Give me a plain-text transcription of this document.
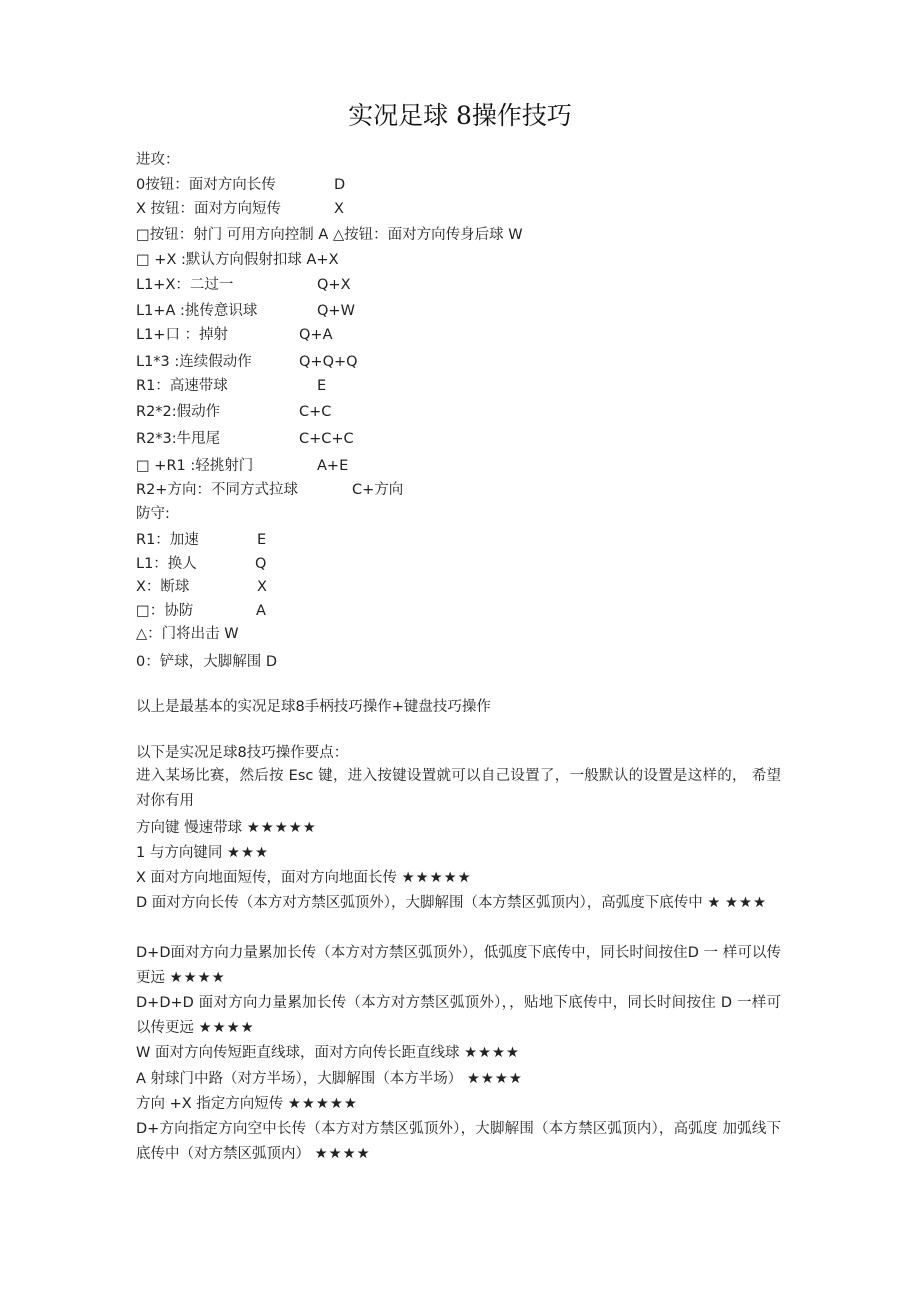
实况足球 8操作技巧
进攻：
0按钮：面对方向长传	D
X 按钮：面对方向短传	X
□按钮：射门 可用方向控制 A △按钮：面对方向传身后球 W
□ +X :默认方向假射扣球 A+X
L1+X：二过一	Q+X
L1+A :挑传意识球	Q+W
L1+口 ：掉射	Q+A
L1*3 :连续假动作	Q+Q+Q
R1：高速带球	E
R2*2:假动作	C+C
R2*3:牛甩尾	C+C+C
□ +R1 :轻挑射门	A+E
R2+方向：不同方式拉球	C+方向
防守:
R1：加速	E
L1：换人	Q
X：断球	X
□：协防	A
△：门将出击 W
0：铲球，大脚解围 D
以上是最基本的实况足球8手柄技巧操作+键盘技巧操作
以下是实况足球8技巧操作要点：
进入某场比赛，然后按 Esc 键，进入按键设置就可以自己设置了，一般默认的设置是这样的， 希望对你有用
方向键 慢速带球 ★★★★★
1 与方向键同 ★★★
X 面对方向地面短传，面对方向地面长传 ★★★★★
D 面对方向长传（本方对方禁区弧顶外），大脚解围（本方禁区弧顶内），高弧度下底传中 ★ ★★★
D+D面对方向力量累加长传（本方对方禁区弧顶外），低弧度下底传中，同长时间按住D 一 样可以传更远 ★★★★
D+D+D 面对方向力量累加长传（本方对方禁区弧顶外），，贴地下底传中，同长时间按住 D 一样可以传更远 ★★★★
W 面对方向传短距直线球，面对方向传长距直线球 ★★★★
A 射球门中路（对方半场），大脚解围（本方半场） ★★★★
方向 +X 指定方向短传 ★★★★★
D+方向指定方向空中长传（本方对方禁区弧顶外），大脚解围（本方禁区弧顶内），高弧度 加弧线下底传中（对方禁区弧顶内） ★★★★
